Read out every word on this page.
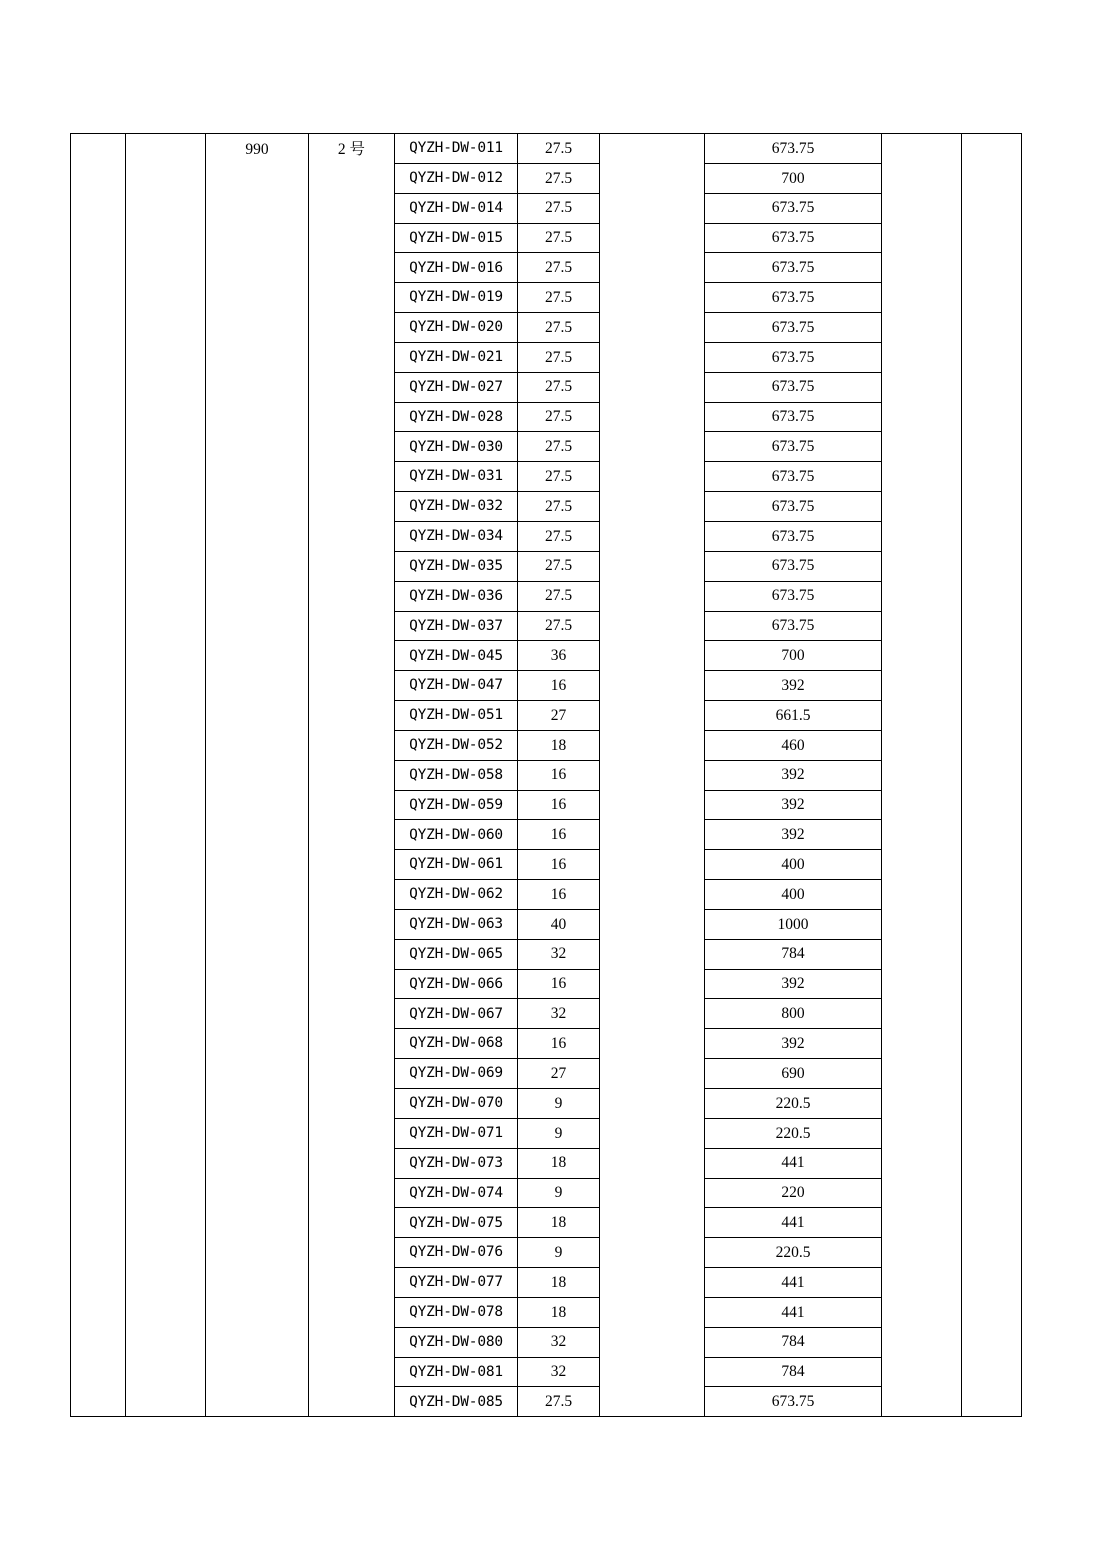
		990	2 号	QYZH-DW-011	27.5		673.75		
				QYZH-DW-012	27.5		700		
				QYZH-DW-014	27.5		673.75		
				QYZH-DW-015	27.5		673.75		
				QYZH-DW-016	27.5		673.75		
				QYZH-DW-019	27.5		673.75		
				QYZH-DW-020	27.5		673.75		
				QYZH-DW-021	27.5		673.75		
				QYZH-DW-027	27.5		673.75		
				QYZH-DW-028	27.5		673.75		
				QYZH-DW-030	27.5		673.75		
				QYZH-DW-031	27.5		673.75		
				QYZH-DW-032	27.5		673.75		
				QYZH-DW-034	27.5		673.75		
				QYZH-DW-035	27.5		673.75		
				QYZH-DW-036	27.5		673.75		
				QYZH-DW-037	27.5		673.75		
				QYZH-DW-045	36		700		
				QYZH-DW-047	16		392		
				QYZH-DW-051	27		661.5		
				QYZH-DW-052	18		460		
				QYZH-DW-058	16		392		
				QYZH-DW-059	16		392		
				QYZH-DW-060	16		392		
				QYZH-DW-061	16		400		
				QYZH-DW-062	16		400		
				QYZH-DW-063	40		1000		
				QYZH-DW-065	32		784		
				QYZH-DW-066	16		392		
				QYZH-DW-067	32		800		
				QYZH-DW-068	16		392		
				QYZH-DW-069	27		690		
				QYZH-DW-070	9		220.5		
				QYZH-DW-071	9		220.5		
				QYZH-DW-073	18		441		
				QYZH-DW-074	9		220		
				QYZH-DW-075	18		441		
				QYZH-DW-076	9		220.5		
				QYZH-DW-077	18		441		
				QYZH-DW-078	18		441		
				QYZH-DW-080	32		784		
				QYZH-DW-081	32		784		
				QYZH-DW-085	27.5		673.75		
